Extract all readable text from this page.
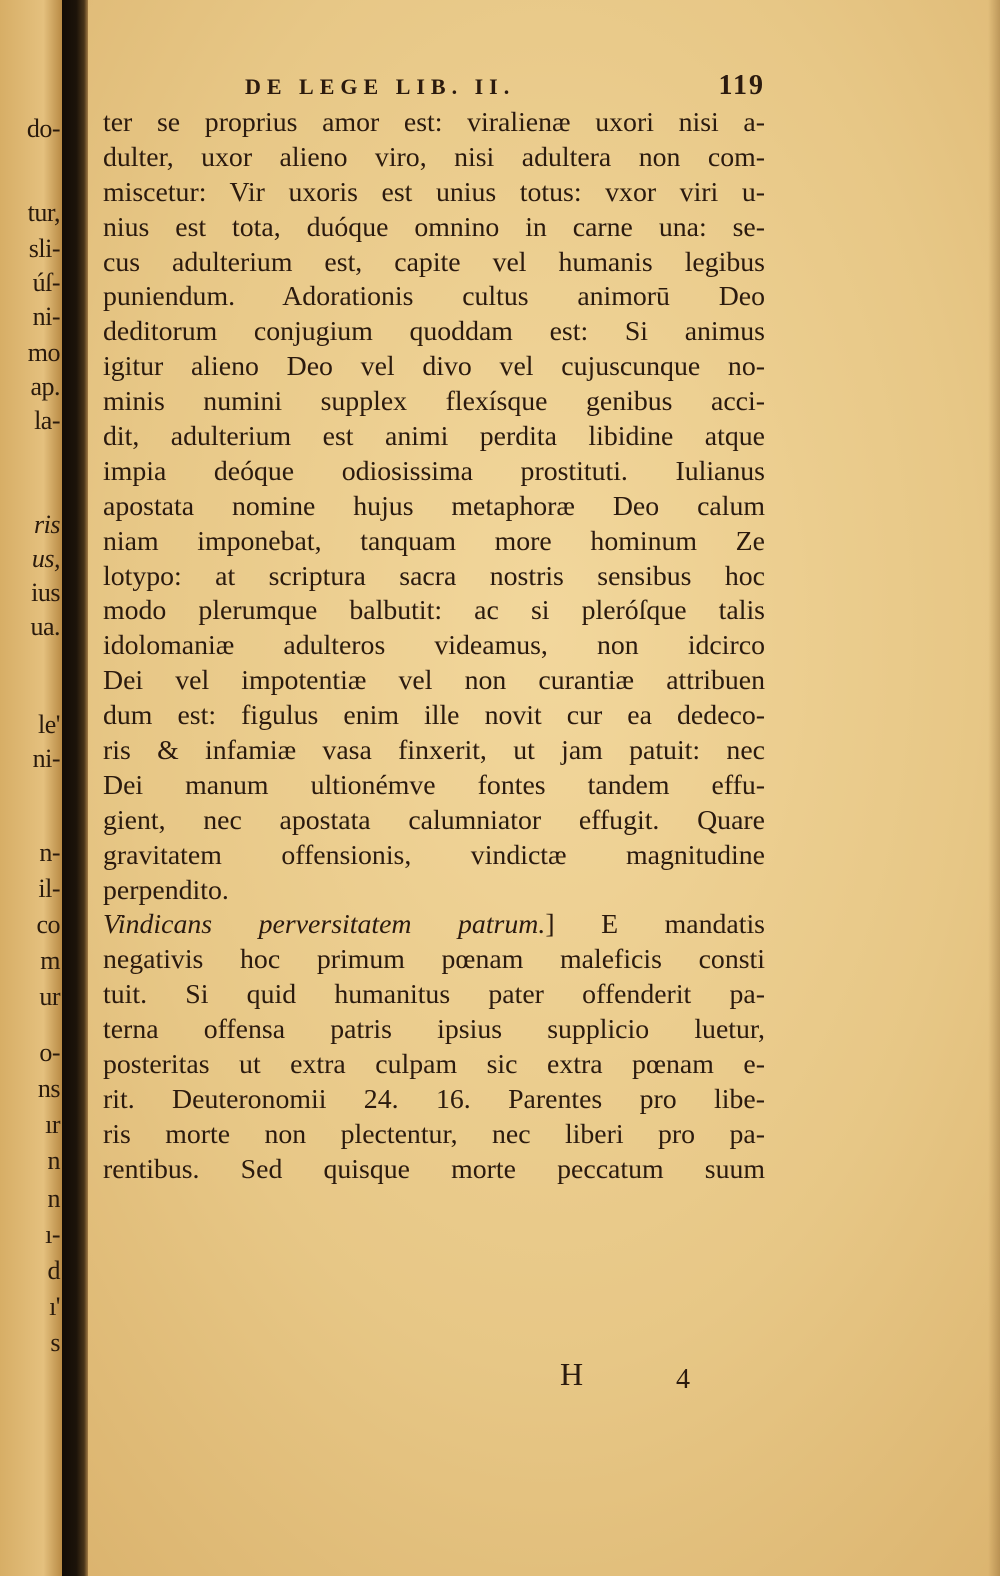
do-
tur,
sli-
úſ-
ni-
mo
ap.
la-
ris
us,
ius
ua.
le'
ni-
n-
il-
co
m
ur
o-
ns
ır
n
n
ı-
d
ı'
s
DE LEGE LIB. II.	119
ter se proprius amor est: viralienæ uxori nisi a-
dulter, uxor alieno viro, nisi adultera non com-
miscetur: Vir uxoris est unius totus: vxor viri u-
nius est tota, duóque omnino in carne una: se-
cus adulterium est, capite vel humanis legibus
puniendum. Adorationis cultus animorū Deo
deditorum conjugium quoddam est: Si animus
igitur alieno Deo vel divo vel cujuscunque no-
minis numini supplex flexísque genibus acci-
dit, adulterium est animi perdita libidine atque
impia deóque odiosissima prostituti. Iulianus
apostata nomine hujus metaphoræ Deo calum
niam imponebat, tanquam more hominum Ze
lotypo: at scriptura sacra nostris sensibus hoc
modo plerumque balbutit: ac si pleróſque talis
idolomaniæ adulteros videamus, non idcirco
Dei vel impotentiæ vel non curantiæ attribuen
dum est: figulus enim ille novit cur ea dedeco-
ris & infamiæ vasa finxerit, ut jam patuit: nec
Dei manum ultionémve fontes tandem effu-
gient, nec apostata calumniator effugit. Quare
gravitatem offensionis, vindictæ magnitudine
perpendito.
Vindicans perversitatem patrum.] E mandatis
negativis hoc primum pœnam maleficis consti
tuit. Si quid humanitus pater offenderit pa-
terna offensa patris ipsius supplicio luetur,
posteritas ut extra culpam sic extra pœnam e-
rit. Deuteronomii 24. 16. Parentes pro libe-
ris morte non plectentur, nec liberi pro pa-
rentibus. Sed quisque morte peccatum suum
H	4
